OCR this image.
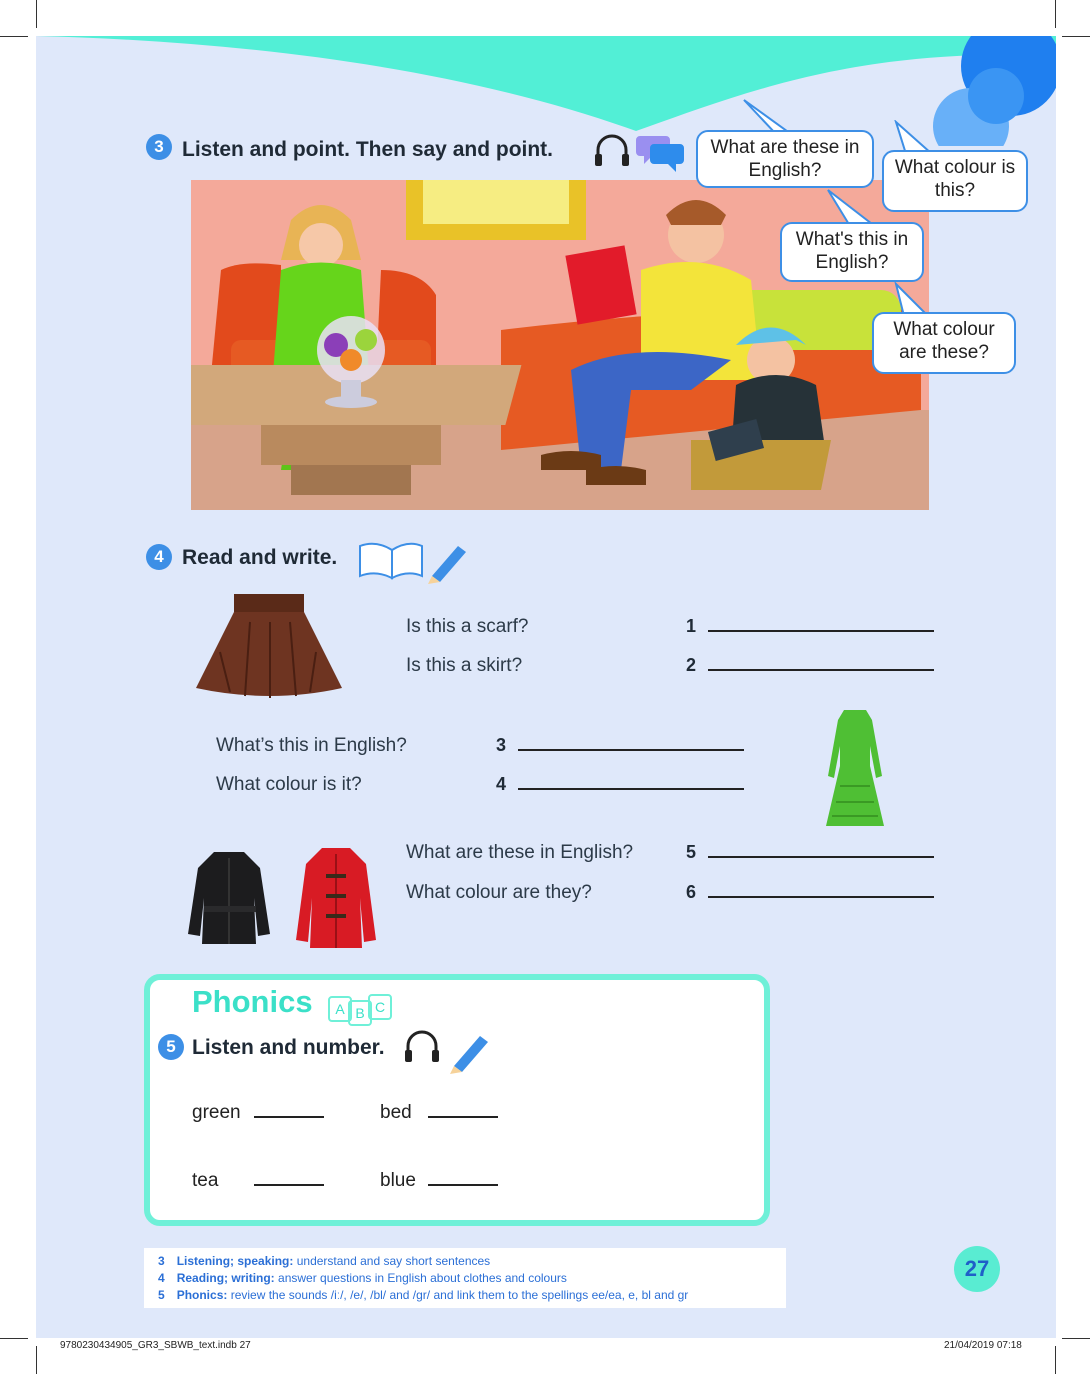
3 Listen and point. Then say and point.	What are these in English?	What colour is this?
What's this in English?
What colour are these?
4 Read and write.
Is this a scarf?	1
Is this a skirt?	2
What’s this in English?	3
What colour is it?	4
What are these in English?	5
What colour are they?	6
Phonics	A B C
5 Listen and number.
green	bed
tea	blue
3 Listening; speaking: understand and say short sentences
4 Reading; writing: answer questions in English about clothes and colours
5 Phonics: review the sounds /iː/, /e/, /bl/ and /gr/ and link them to the spellings ee/ea, e, bl and gr
27
9780230434905_GR3_SBWB_text.indb 27	21/04/2019 07:18
